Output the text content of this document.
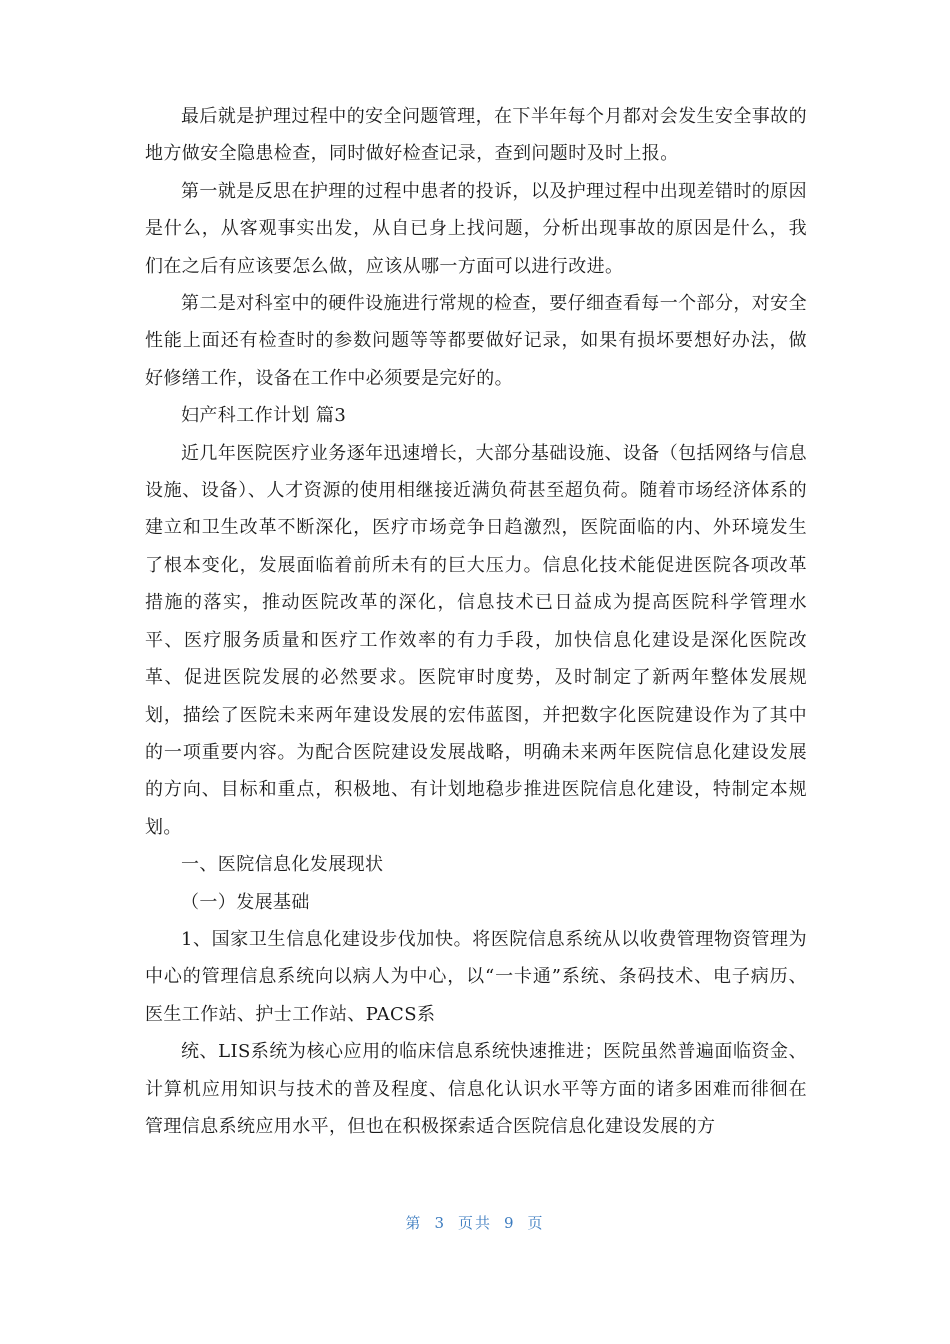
最后就是护理过程中的安全问题管理，在下半年每个月都对会发生安全事故的地方做安全隐患检查，同时做好检查记录，查到问题时及时上报。

第一就是反思在护理的过程中患者的投诉，以及护理过程中出现差错时的原因是什么，从客观事实出发，从自已身上找问题，分析出现事故的原因是什么，我们在之后有应该要怎么做，应该从哪一方面可以进行改进。

第二是对科室中的硬件设施进行常规的检查，要仔细查看每一个部分，对安全性能上面还有检查时的参数问题等等都要做好记录，如果有损坏要想好办法，做好修缮工作，设备在工作中必须要是完好的。

妇产科工作计划 篇3

近几年医院医疗业务逐年迅速增长，大部分基础设施、设备（包括网络与信息设施、设备）、人才资源的使用相继接近满负荷甚至超负荷。随着市场经济体系的建立和卫生改革不断深化，医疗市场竞争日趋激烈，医院面临的内、外环境发生了根本变化，发展面临着前所未有的巨大压力。信息化技术能促进医院各项改革措施的落实，推动医院改革的深化，信息技术已日益成为提高医院科学管理水平、医疗服务质量和医疗工作效率的有力手段，加快信息化建设是深化医院改革、促进医院发展的必然要求。医院审时度势，及时制定了新两年整体发展规划，描绘了医院未来两年建设发展的宏伟蓝图，并把数字化医院建设作为了其中的一项重要内容。为配合医院建设发展战略，明确未来两年医院信息化建设发展的方向、目标和重点，积极地、有计划地稳步推进医院信息化建设，特制定本规划。

一、医院信息化发展现状

（一）发展基础

1、国家卫生信息化建设步伐加快。将医院信息系统从以收费管理物资管理为中心的管理信息系统向以病人为中心，以“一卡通”系统、条码技术、电子病历、医生工作站、护士工作站、PACS系

统、LIS系统为核心应用的临床信息系统快速推进；医院虽然普遍面临资金、计算机应用知识与技术的普及程度、信息化认识水平等方面的诸多困难而徘徊在管理信息系统应用水平，但也在积极探索适合医院信息化建设发展的方

第 3 页共 9 页
